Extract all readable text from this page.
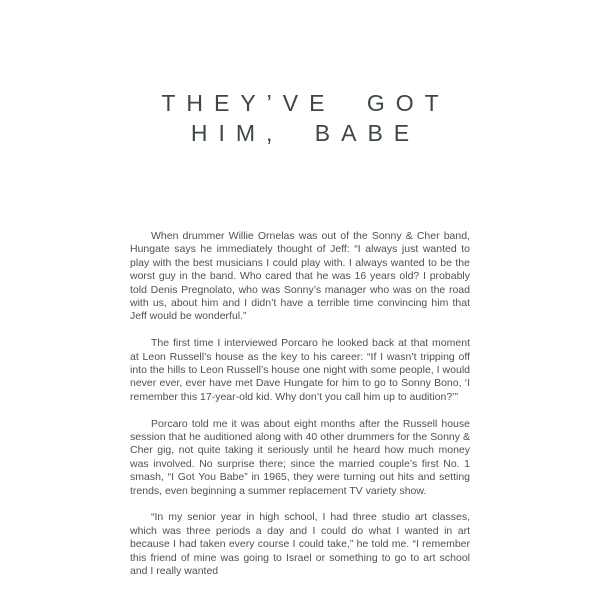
THEY’VE GOT
HIM, BABE

When drummer Willie Ornelas was out of the Sonny & Cher band, Hungate says he immediately thought of Jeff: “I always just wanted to play with the best musicians I could play with. I always wanted to be the worst guy in the band. Who cared that he was 16 years old? I probably told Denis Pregnolato, who was Sonny’s manager who was on the road with us, about him and I didn’t have a terrible time convincing him that Jeff would be wonderful.”

The first time I interviewed Porcaro he looked back at that moment at Leon Russell’s house as the key to his career: “If I wasn’t tripping off into the hills to Leon Russell’s house one night with some people, I would never ever, ever have met Dave Hungate for him to go to Sonny Bono, ‘I remember this 17-year-old kid. Why don’t you call him up to audition?’”

Porcaro told me it was about eight months after the Russell house session that he auditioned along with 40 other drummers for the Sonny & Cher gig, not quite taking it seriously until he heard how much money was involved. No surprise there; since the married couple’s first No. 1 smash, “I Got You Babe” in 1965, they were turning out hits and setting trends, even beginning a summer replacement TV variety show.

“In my senior year in high school, I had three studio art classes, which was three periods a day and I could do what I wanted in art because I had taken every course I could take,” he told me. “I remember this friend of mine was going to Israel or something to go to art school and I really wanted
